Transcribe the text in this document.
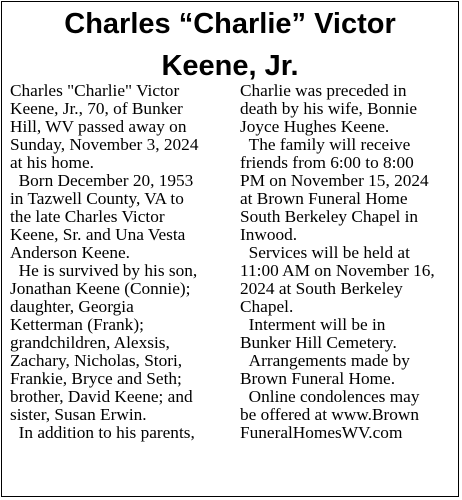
Charles “Charlie” Victor
Keene, Jr.
Charles "Charlie" Victor
Keene, Jr., 70, of Bunker
Hill, WV passed away on
Sunday, November 3, 2024
at his home.
Born December 20, 1953
in Tazwell County, VA to
the late Charles Victor
Keene, Sr. and Una Vesta
Anderson Keene.
He is survived by his son,
Jonathan Keene (Connie);
daughter, Georgia
Ketterman (Frank);
grandchildren, Alexsis,
Zachary, Nicholas, Stori,
Frankie, Bryce and Seth;
brother, David Keene; and
sister, Susan Erwin.
In addition to his parents,
Charlie was preceded in
death by his wife, Bonnie
Joyce Hughes Keene.
The family will receive
friends from 6:00 to 8:00
PM on November 15, 2024
at Brown Funeral Home
South Berkeley Chapel in
Inwood.
Services will be held at
11:00 AM on November 16,
2024 at South Berkeley
Chapel.
Interment will be in
Bunker Hill Cemetery.
Arrangements made by
Brown Funeral Home.
Online condolences may
be offered at www.Brown
FuneralHomesWV.com
